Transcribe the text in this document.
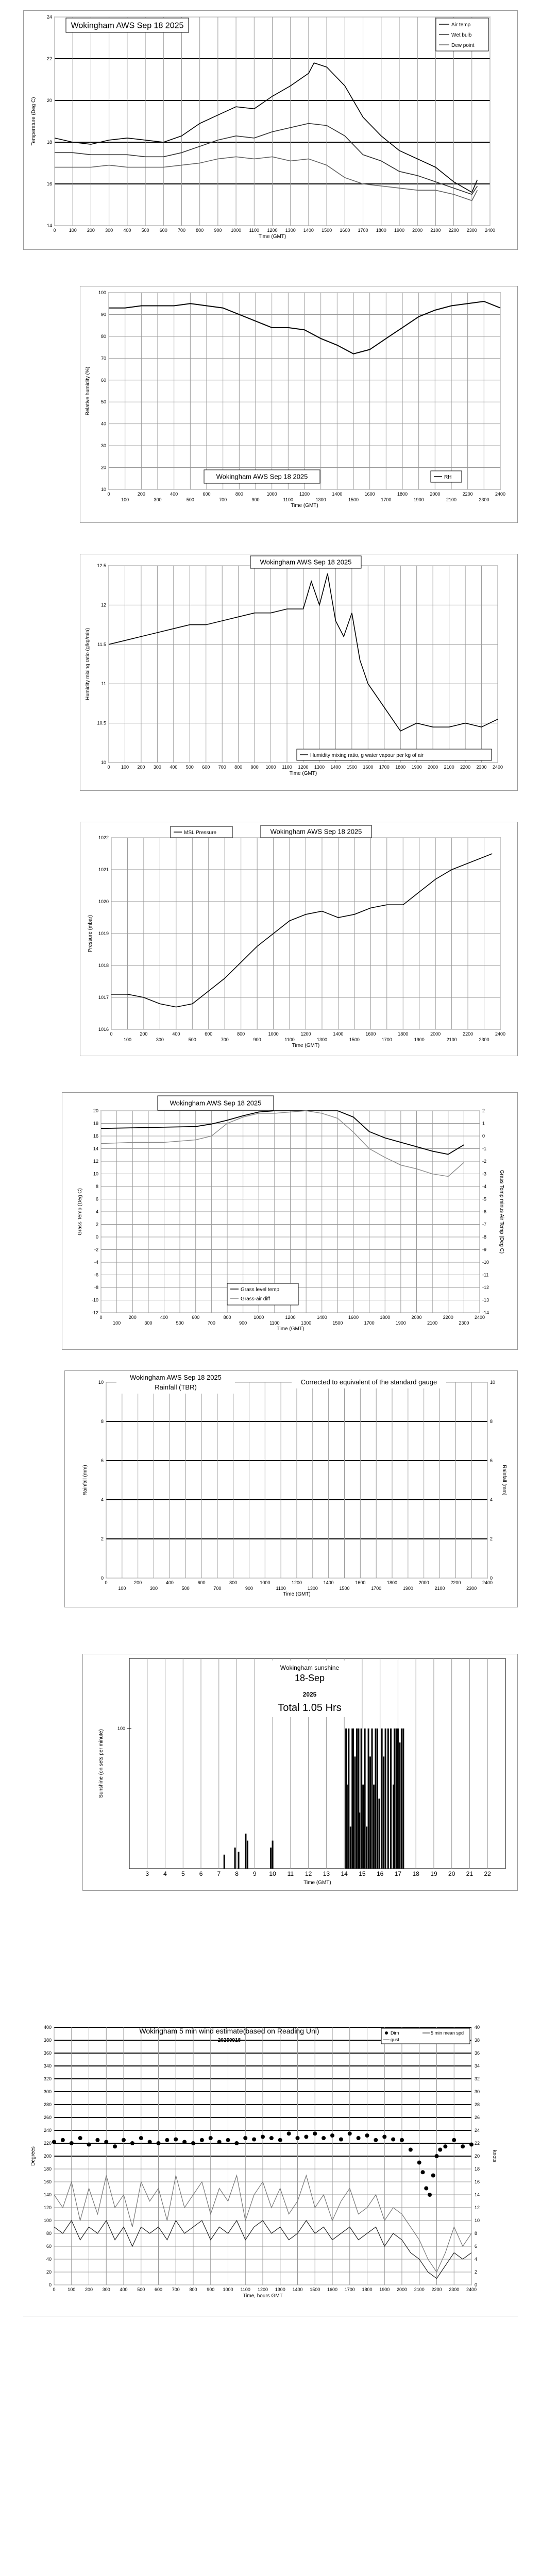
14
16
18
20
22
24
0	100 200 300 400 500 600 700 800 900 1000 1100 1200 1300 1400 1500 1600 1700 1800 1900 2000 2100 2200 2300 2400
Time (GMT)
Temperature (Deg C)
Wokingham AWS Sep 18 2025	Air temp
Wet bulb
Dew point
10
20
30
40
50
60
70
80
90
100
0	200	400	600	800	1000	1200	1400	1600	1800	2000	2200	2400
100	300	500	700	900	1100	1300	1500	1700	1900	2100	2300
Time (GMT)
Relative humidity (%)
Wokingham AWS Sep 18 2025	RH
10
10.5
11
11.5
12
12.5
0 100 200 300 400 500 600 700 800 900 1000 1100 1200 1300 1400 1500 1600 1700 1800 1900 2000 2100 2200 2300 2400
Time (GMT)
Humidity mixing ratio (g/kg/min)
Wokingham AWS Sep 18 2025
Humidity mixing ratio, g water vapour per kg of air
1016
1017
1018
1019
1020
1021
1022
0	200	400	600	800	1000	1200	1400	1600	1800	2000	2200	2400
100	300	500	700	900	1100	1300	1500	1700	1900	2100	2300
Time (GMT)
Pressure (mbar)
Wokingham AWS Sep 18 2025
MSL Pressure
-12
-10
-8
-6
-4
-2
0
2
4
6
8
10
12
14
16
18
20
0	200	400	600	800	1000	1200	1400	1600	1800	2000	2200	2400
100	300	500	700	900	1100	1300	1500	1700	1900	2100	2300
Time (GMT)
Grass Temp (Deg C)
-14
-13
-12
-11
-10
-9
-8
-7
-6
-5
-4
-3
-2
-1
0
1
2
Grass Temp minus Air Temp (Deg C)
Wokingham AWS Sep 18 2025
Grass level temp
Grass-air diff
0
2
4
6
8
10
0	200	400	600	800	1000	1200	1400	1600	1800	2000	2200	2400
100	300	500	700	900	1100	1300	1500	1700	1900	2100	2300
Time (GMT)
Rainfall (mm)
0
2
4
6
8
10
Rainfall (mm)
Wokingham AWS Sep 18 2025
Rainfall (TBR)
Corrected to equivalent of the standard gauge
3 4 5 6 7 8 9 10 11 12 13 14 15 16 17 18 19 20 21 22
100
Time (GMT)
Sunshine (on sets per minute)
Wokingham sunshine
18-Sep
2025
Total 1.05 Hrs
0
20
40
60
80
100
120
140
160
180
200
220
240
260
280
300
320
340
360
380
400
0	100 200 300 400 500 600 700 800 900 1000 1100 1200 1300 1400 1500 1600 1700 1800 1900 2000 2100 2200 2300 2400
Time, hours GMT
Degrees
0
2
4
6
8
10
12
14
16
18
20
22
24
26
28
30
32
34
36
38
40
knots
Wokingham 5 min wind estimate(based on Reading Uni)
20250918
Dirn
gust
5 min mean spd
